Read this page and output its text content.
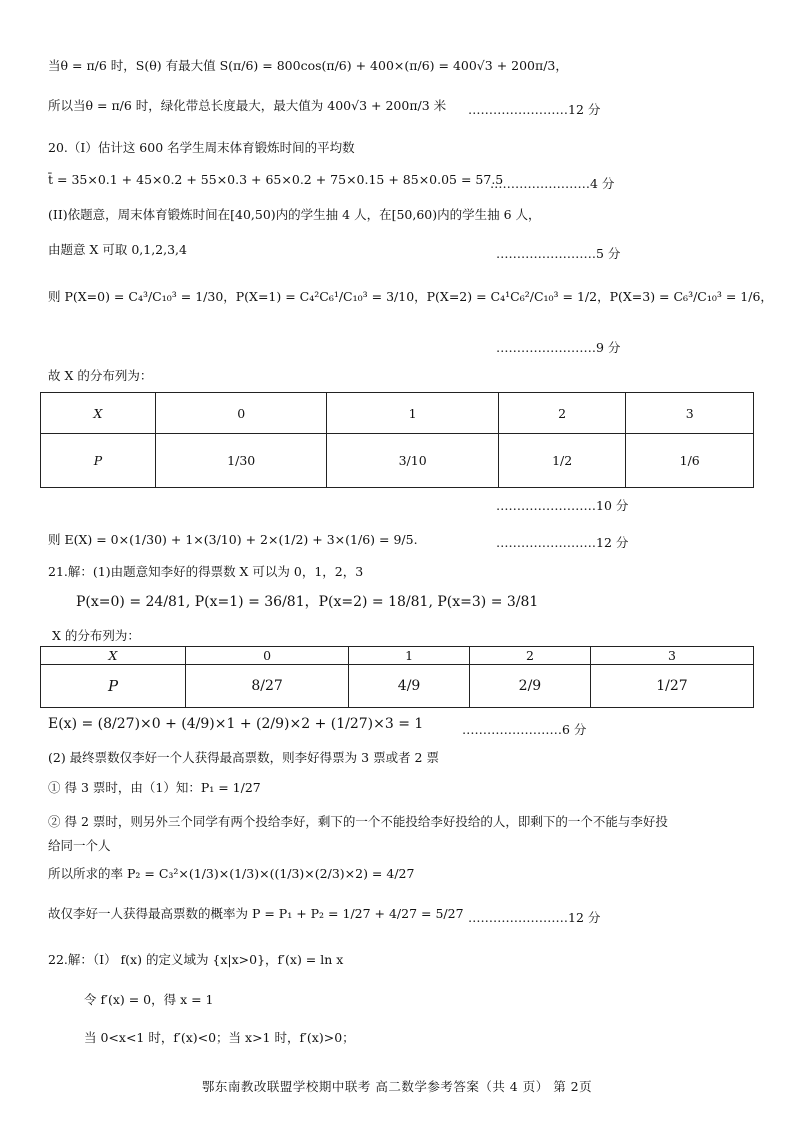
当θ = π/6 时，S(θ) 有最大值 S(π/6) = 800cos(π/6) + 400×(π/6) = 400√3 + 200π/3，
所以当θ = π/6 时，绿化带总长度最大，最大值为 400√3 + 200π/3 米 ……………………12 分
20.（I）估计这 600 名学生周末体育锻炼时间的平均数
t̄ = 35×0.1 + 45×0.2 + 55×0.3 + 65×0.2 + 75×0.15 + 85×0.05 = 57.5
……………………4 分
(II)依题意，周末体育锻炼时间在[40,50)内的学生抽 4 人，在[50,60)内的学生抽 6 人，
由题意 X 可取 0,1,2,3,4	……………………5 分
则 P(X=0) = C₄³/C₁₀³ = 1/30，P(X=1) = C₄²C₆¹/C₁₀³ = 3/10，P(X=2) = C₄¹C₆²/C₁₀³ = 1/2，P(X=3) = C₆³/C₁₀³ = 1/6，
……………………9 分
故 X 的分布列为：
X	0	1	2	3
P	1/30	3/10	1/2	1/6
……………………10 分
则 E(X) = 0×(1/30) + 1×(3/10) + 2×(1/2) + 3×(1/6) = 9/5.	……………………12 分
21.解：(1)由题意知李好的得票数 X 可以为 0，1，2，3
P(x=0) = 24/81, P(x=1) = 36/81，P(x=2) = 18/81, P(x=3) = 3/81
X 的分布列为：
X	0	1	2	3
P	8/27	4/9	2/9	1/27
E(x) = (8/27)×0 + (4/9)×1 + (2/9)×2 + (1/27)×3 = 1	……………………6 分
(2) 最终票数仅李好一个人获得最高票数，则李好得票为 3 票或者 2 票
① 得 3 票时，由（1）知：P₁ = 1/27
② 得 2 票时，则另外三个同学有两个投给李好，剩下的一个不能投给李好投给的人，即剩下的一个不能与李好投
给同一个人
所以所求的率 P₂ = C₃²×(1/3)×(1/3)×((1/3)×(2/3)×2) = 4/27
故仅李好一人获得最高票数的概率为 P = P₁ + P₂ = 1/27 + 4/27 = 5/27 ……………………12 分
22.解：（I） f(x) 的定义域为 {x|x>0}，f′(x) = ln x
令 f′(x) = 0，得 x = 1
当 0<x<1 时，f′(x)<0；当 x>1 时，f′(x)>0；
鄂东南教改联盟学校期中联考 高二数学参考答案（共 4 页） 第 2页
